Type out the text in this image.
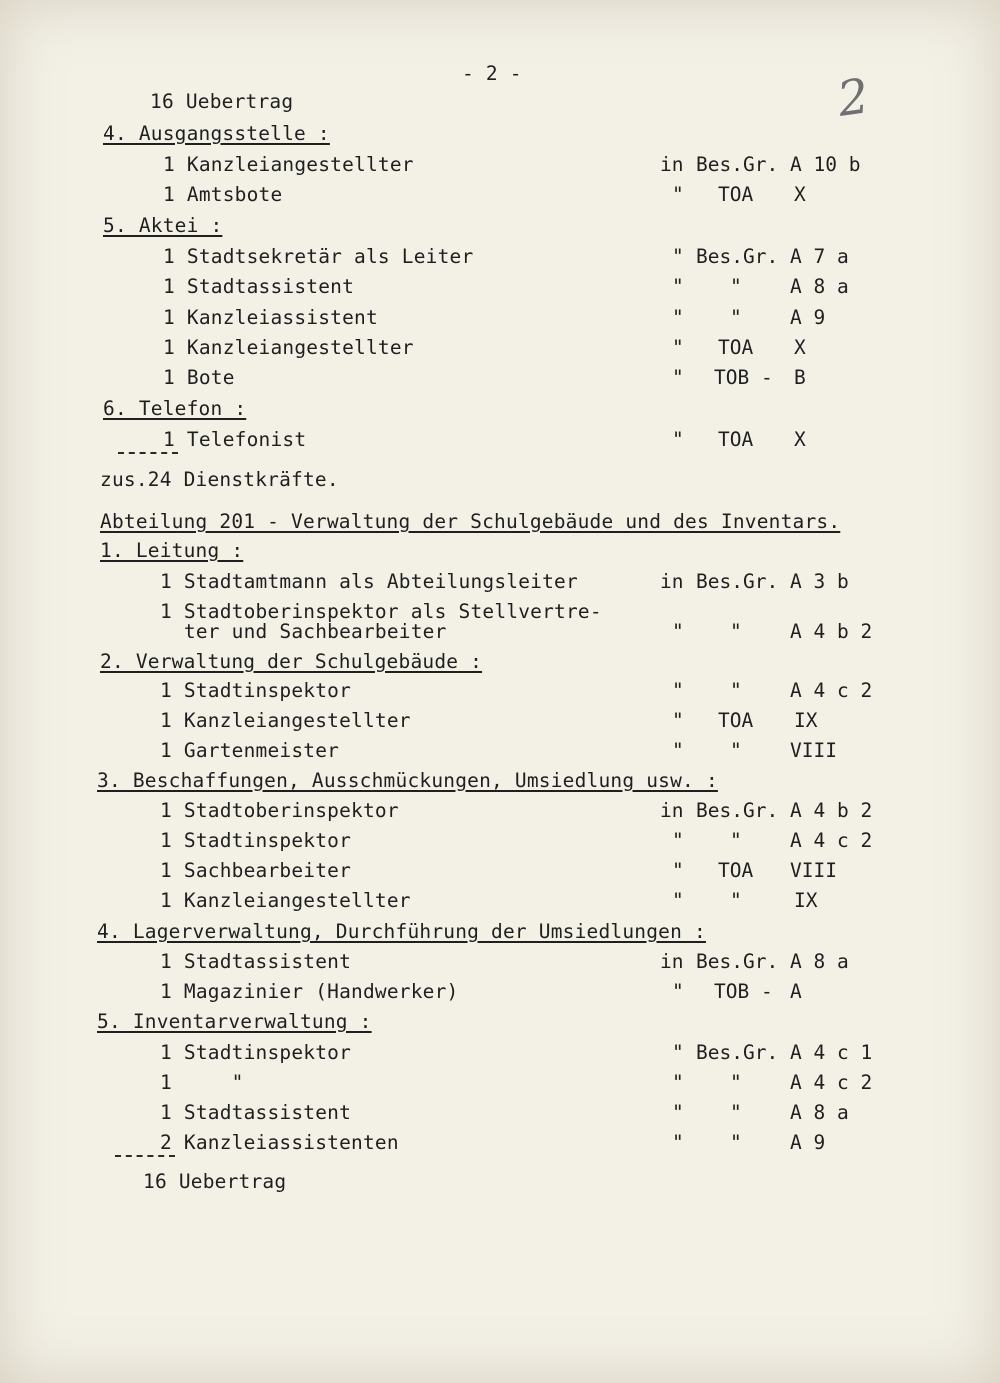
- 2 -	2
16 Uebertrag
4. Ausgangsstelle :
1 Kanzleiangestellter	in Bes.Gr. A 10 b
1 Amtsbote	" TOA X
5. Aktei :
1 Stadtsekretär als Leiter	" Bes.Gr. A 7 a
1 Stadtassistent	" " A 8 a
1 Kanzleiassistent	" " A 9
1 Kanzleiangestellter	" TOA X
1 Bote	" TOB - B
6. Telefon :
1 Telefonist	" TOA X
zus.24 Dienstkräfte.
Abteilung 201 - Verwaltung der Schulgebäude und des Inventars.
1. Leitung :
1 Stadtamtmann als Abteilungsleiter	in Bes.Gr. A 3 b
1 Stadtoberinspektor als Stellvertre-
ter und Sachbearbeiter	" " A 4 b 2
2. Verwaltung der Schulgebäude :
1 Stadtinspektor	" " A 4 c 2
1 Kanzleiangestellter	" TOA IX
1 Gartenmeister	" " VIII
3. Beschaffungen, Ausschmückungen, Umsiedlung usw. :
1 Stadtoberinspektor	in Bes.Gr. A 4 b 2
1 Stadtinspektor	" " A 4 c 2
1 Sachbearbeiter	" TOA VIII
1 Kanzleiangestellter	" "	IX
4. Lagerverwaltung, Durchführung der Umsiedlungen :
1 Stadtassistent	in Bes.Gr. A 8 a
1 Magazinier (Handwerker)	" TOB - A
5. Inventarverwaltung :
1 Stadtinspektor	" Bes.Gr. A 4 c 1
1     "	" " A 4 c 2
1 Stadtassistent	" " A 8 a
2 Kanzleiassistenten	" " A 9
16 Uebertrag
